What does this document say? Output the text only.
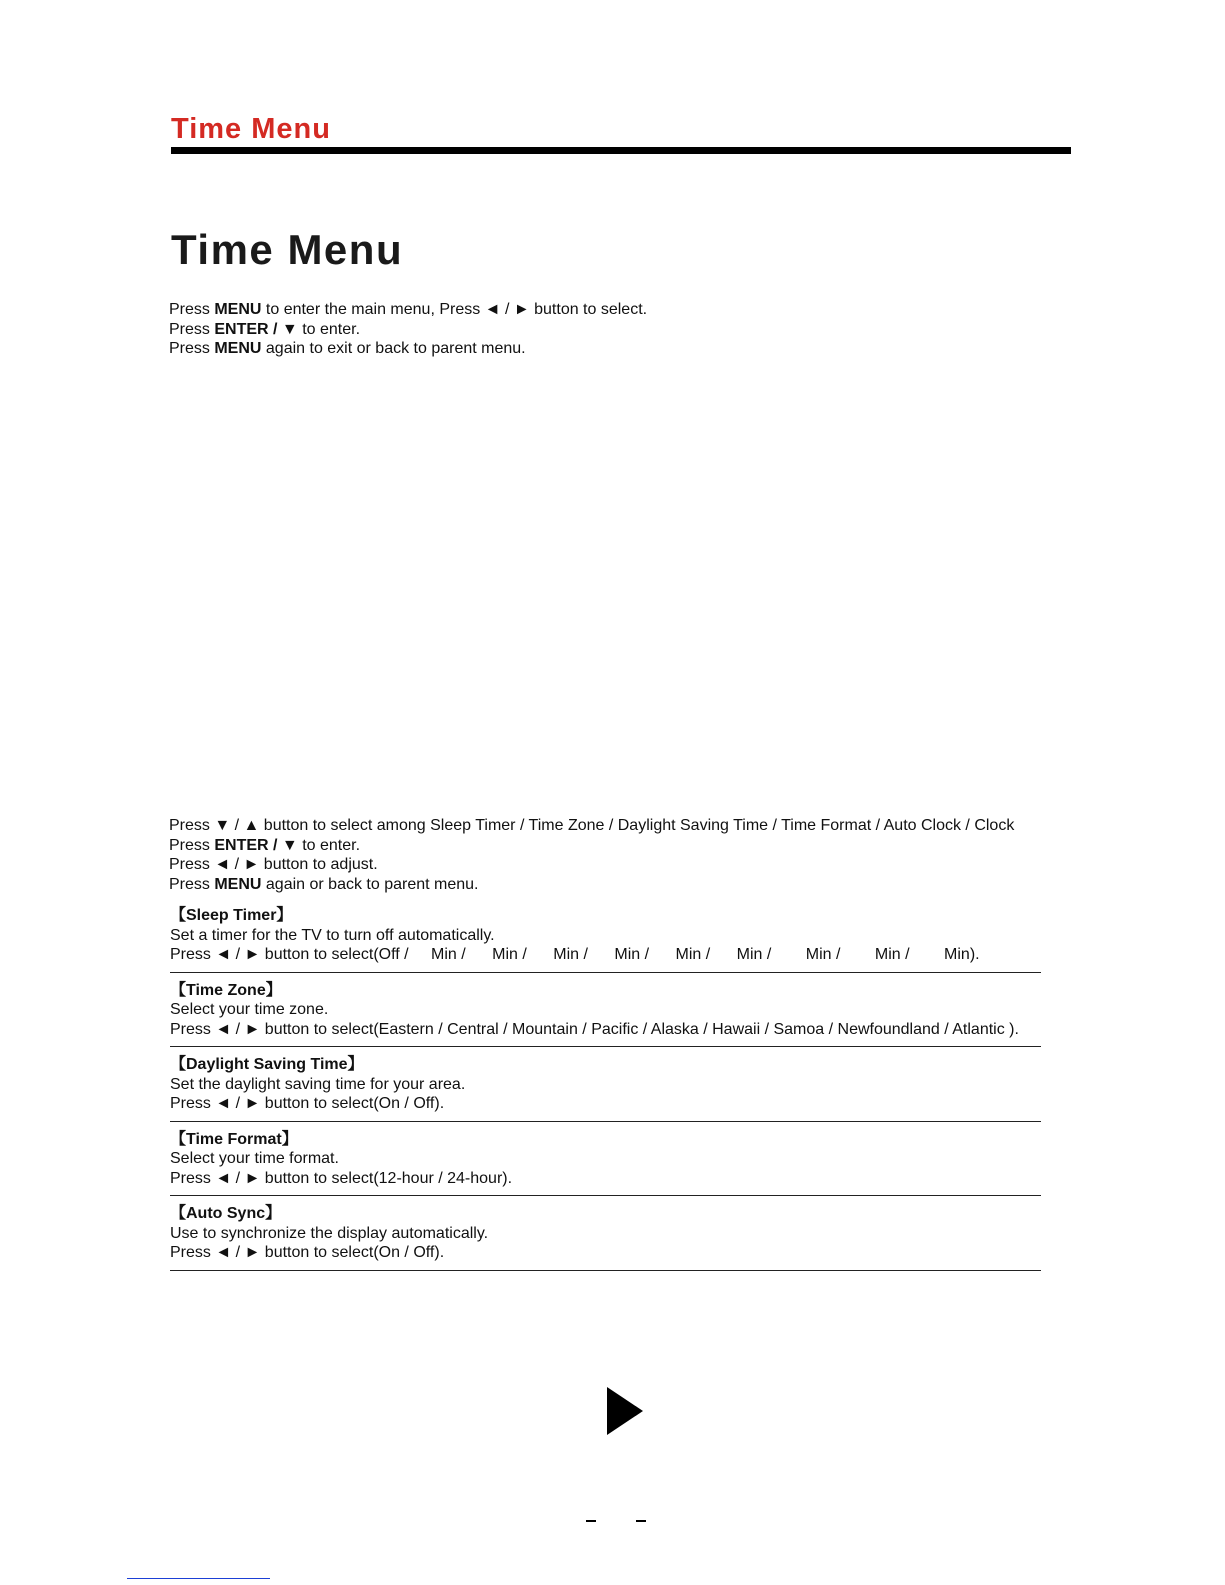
Time Menu
Time Menu
Press MENU to enter the main menu, Press ◄ / ► button to select.
Press ENTER / ▼ to enter.
Press MENU again to exit or back to parent menu.
Press ▼ / ▲ button to select among Sleep Timer / Time Zone / Daylight Saving Time / Time Format / Auto Clock / Clock
Press ENTER / ▼ to enter.
Press ◄ / ► button to adjust.
Press MENU again or back to parent menu.
【Sleep Timer】
Set a timer for the TV to turn off automatically.
Press ◄ / ► button to select(Off / Min / Min / Min / Min / Min / Min / Min / Min / Min).
【Time Zone】
Select your time zone.
Press ◄ / ► button to select(Eastern / Central / Mountain / Pacific / Alaska / Hawaii / Samoa / Newfoundland / Atlantic ).
【Daylight Saving Time】
Set the daylight saving time for your area.
Press ◄ / ► button to select(On / Off).
【Time Format】
Select your time format.
Press ◄ / ► button to select(12-hour / 24-hour).
【Auto Sync】
Use to synchronize the display automatically.
Press ◄ / ► button to select(On / Off).
